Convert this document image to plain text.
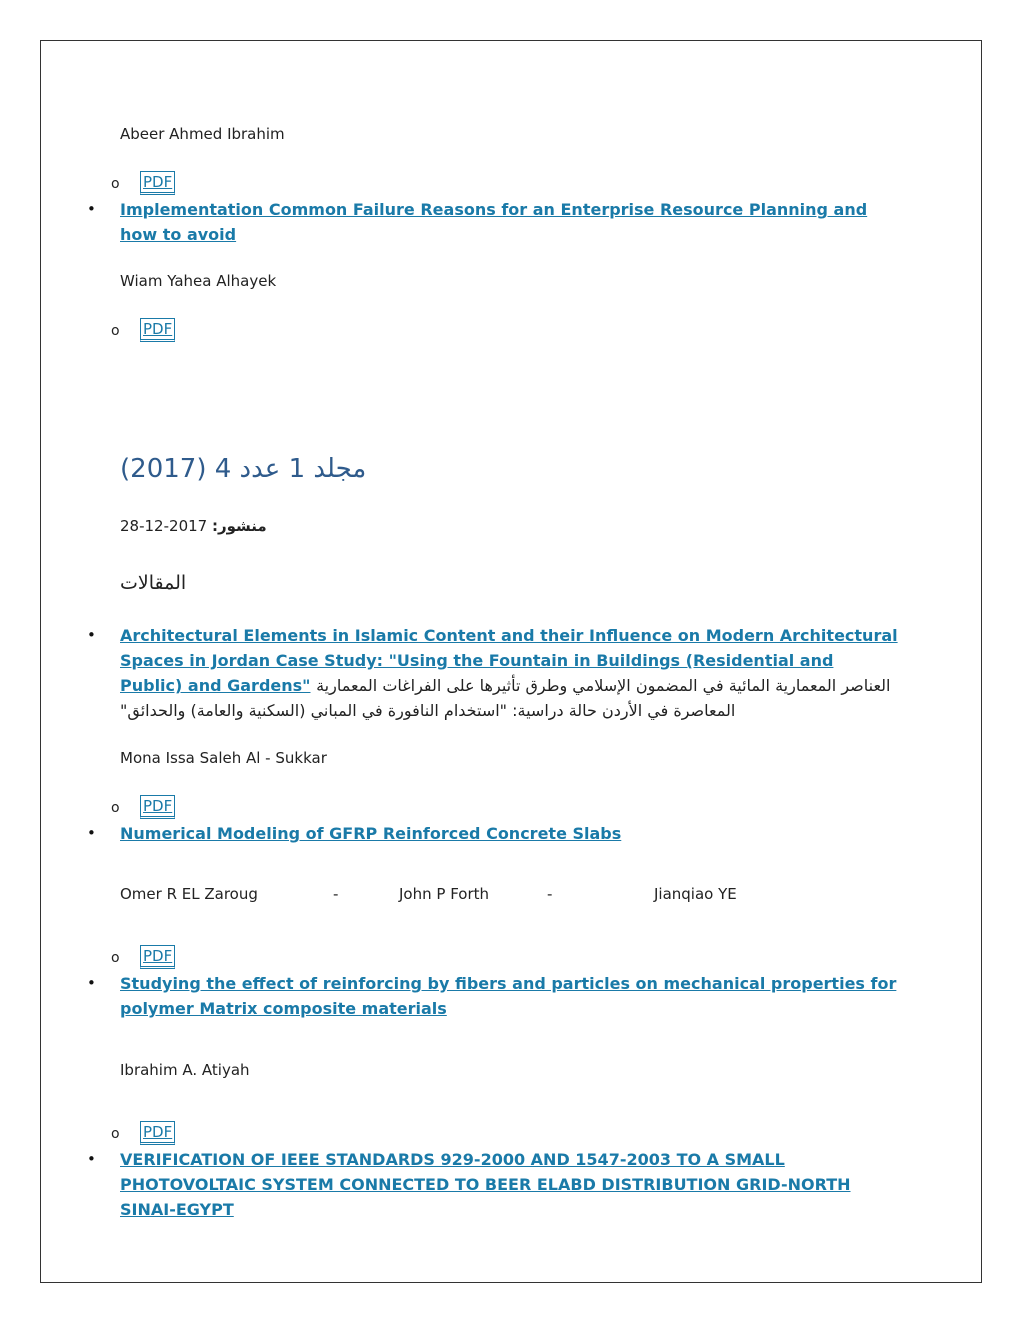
Abeer Ahmed Ibrahim
o PDF
• Implementation Common Failure Reasons for an Enterprise Resource Planning and how to avoid
Wiam Yahea Alhayek
o PDF
مجلد 1 عدد 4 (2017)
منشور: 2017-12-28
المقالات
• Architectural Elements in Islamic Content and their Influence on Modern Architectural Spaces in Jordan Case Study: "Using the Fountain in Buildings (Residential and Public) and Gardens" العناصر المعمارية المائية في المضمون الإسلامي وطرق تأثيرها على الفراغات المعمارية المعاصرة في الأردن حالة دراسية: "استخدام النافورة في المباني (السكنية والعامة) والحدائق"
Mona Issa Saleh Al - Sukkar
o PDF
• Numerical Modeling of GFRP Reinforced Concrete Slabs
Omer R EL Zaroug	-	John P Forth	-	Jianqiao YE
o PDF
• Studying the effect of reinforcing by fibers and particles on mechanical properties for polymer Matrix composite materials
Ibrahim A. Atiyah
o PDF
• VERIFICATION OF IEEE STANDARDS 929-2000 AND 1547-2003 TO A SMALL PHOTOVOLTAIC SYSTEM CONNECTED TO BEER ELABD DISTRIBUTION GRID-NORTH SINAI-EGYPT
